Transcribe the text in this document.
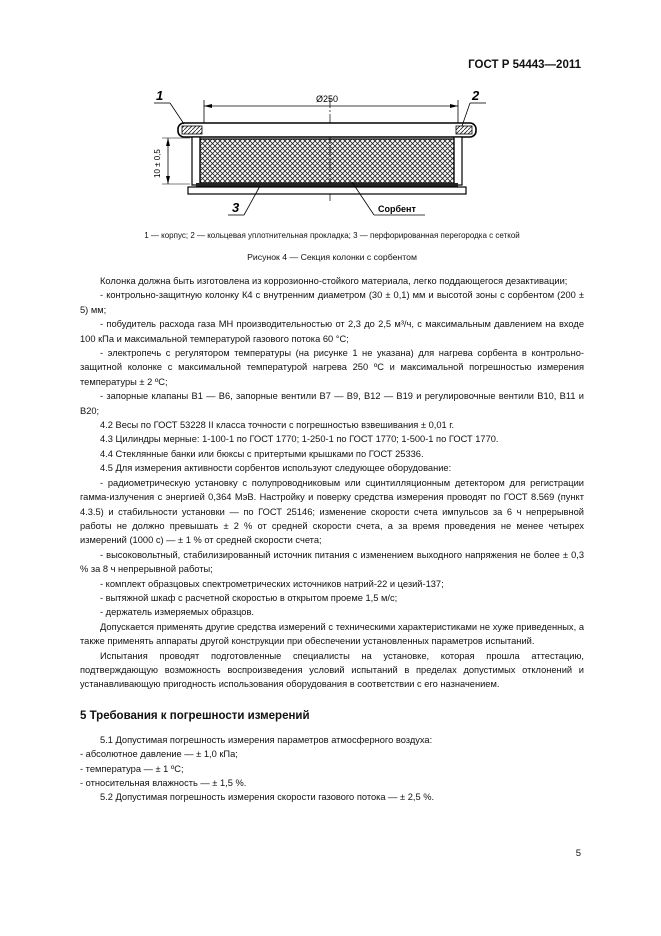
ГОСТ Р 54443—2011
Ø250
10 ± 0,5
1	2
3	Сорбент
1 — корпус; 2 — кольцевая уплотнительная прокладка; 3 — перфорированная перегородка с сеткой
Рисунок 4 — Секция колонки с сорбентом

Колонка должна быть изготовлена из коррозионно-стойкого материала, легко поддающегося дезактивации;

- контрольно-защитную колонку К4 с внутренним диаметром (30 ± 0,1) мм и высотой зоны с сорбентом (200 ± 5) мм;

- побудитель расхода газа МН производительностью от 2,3 до 2,5 м³/ч, с максимальным давлением на входе 100 кПа и максимальной температурой газового потока 60 °С;

- электропечь с регулятором температуры (на рисунке 1 не указана) для нагрева сорбента в контрольно-защитной колонке с максимальной температурой нагрева 250 ºС и максимальной погрешностью измерения температуры ± 2 ºС;

- запорные клапаны В1 — В6, запорные вентили В7 — В9, В12 — В19 и регулировочные вентили В10, В11 и В20;

4.2 Весы по ГОСТ 53228 II класса точности с погрешностью взвешивания ± 0,01 г.

4.3 Цилиндры мерные: 1-100-1 по ГОСТ 1770; 1-250-1 по ГОСТ 1770; 1-500-1 по ГОСТ 1770.

4.4 Стеклянные банки или бюксы с притертыми крышками по ГОСТ 25336.

4.5 Для измерения активности сорбентов используют следующее оборудование:

- радиометрическую установку с полупроводниковым или сцинтилляционным детектором для регистрации гамма-излучения с энергией 0,364 МэВ. Настройку и поверку средства измерения проводят по ГОСТ 8.569 (пункт 4.3.5) и стабильности установки — по ГОСТ 25146; изменение скорости счета импульсов за 6 ч непрерывной работы не должно превышать ± 2 % от средней скорости счета, а за время проведения не менее четырех измерений (1000 с) — ± 1 % от средней скорости счета;

- высоковольтный, стабилизированный источник питания с изменением выходного напряжения не более ± 0,3 % за 8 ч непрерывной работы;

- комплект образцовых спектрометрических источников натрий-22 и цезий-137;

- вытяжной шкаф с расчетной скоростью в открытом проеме 1,5 м/с;

- держатель измеряемых образцов.

Допускается применять другие средства измерений с техническими характеристиками не хуже приведенных, а также применять аппараты другой конструкции при обеспечении установленных параметров испытаний.

Испытания проводят подготовленные специалисты на установке, которая прошла аттестацию, подтверждающую возможность воспроизведения условий испытаний в пределах допустимых отклонений и устанавливающую пригодность использования оборудования в соответствии с его назначением.

5 Требования к погрешности измерений

5.1 Допустимая погрешность измерения параметров атмосферного воздуха:

- абсолютное давление — ± 1,0 кПа;

- температура — ± 1 ºС;

- относительная влажность — ± 1,5 %.

5.2 Допустимая погрешность измерения скорости газового потока — ± 2,5 %.

5
